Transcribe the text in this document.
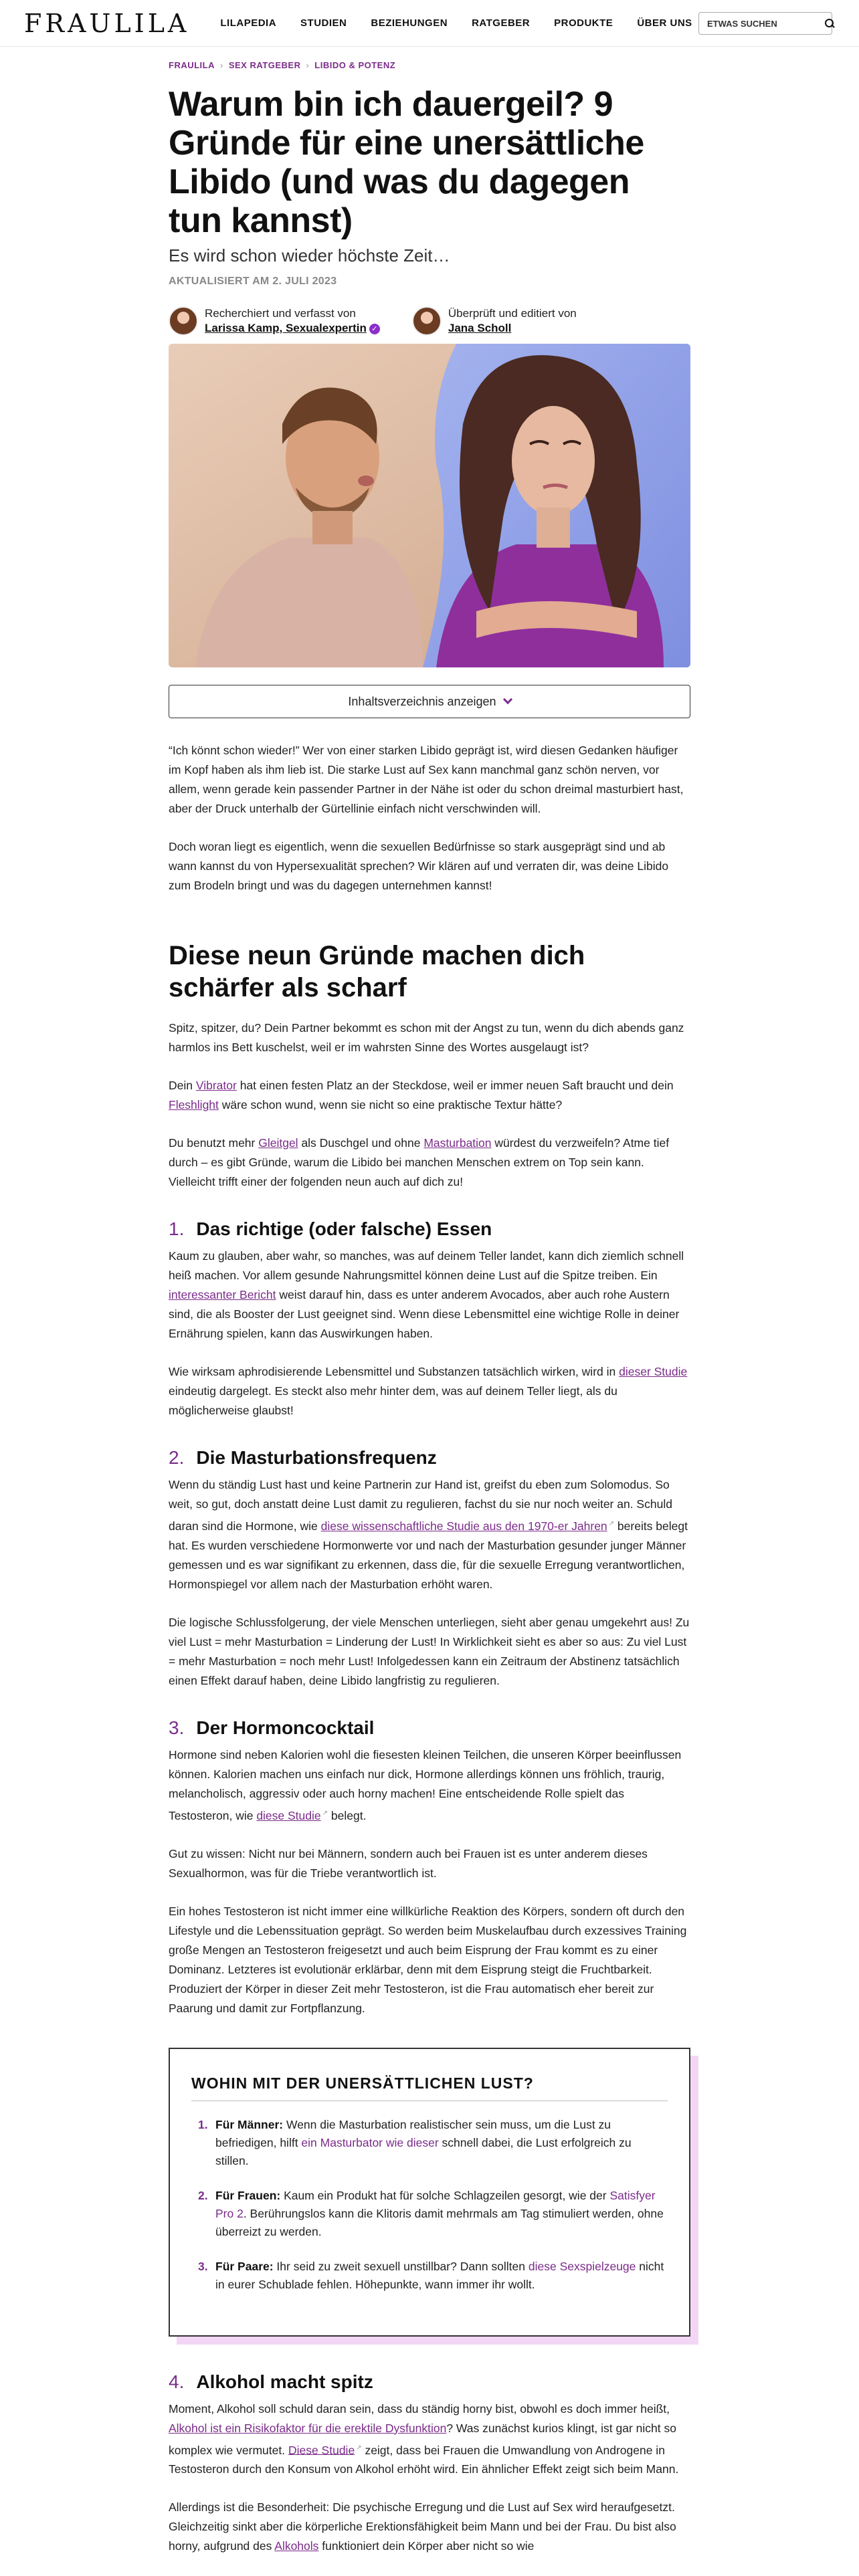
FRAULILA	LILAPEDIA STUDIEN BEZIEHUNGEN RATGEBER PRODUKTE ÜBER UNS
ETWAS SUCHEN
FRAULILA › SEX RATGEBER › LIBIDO & POTENZ
Warum bin ich dauergeil? 9 Gründe für eine unersättliche Libido (und was du dagegen tun kannst)
Es wird schon wieder höchste Zeit…
AKTUALISIERT AM 2. JULI 2023
Recherchiert und verfasst von
Larissa Kamp, Sexualexpertin ✓
Überprüft und editiert von
Jana Scholl
Inhaltsverzeichnis anzeigen

“Ich könnt schon wieder!” Wer von einer starken Libido geprägt ist, wird diesen Gedanken häufiger im Kopf haben als ihm lieb ist. Die starke Lust auf Sex kann manchmal ganz schön nerven, vor allem, wenn gerade kein passender Partner in der Nähe ist oder du schon dreimal masturbiert hast, aber der Druck unterhalb der Gürtellinie einfach nicht verschwinden will.

Doch woran liegt es eigentlich, wenn die sexuellen Bedürfnisse so stark ausgeprägt sind und ab wann kannst du von Hypersexualität sprechen? Wir klären auf und verraten dir, was deine Libido zum Brodeln bringt und was du dagegen unternehmen kannst!

Diese neun Gründe machen dich schärfer als scharf

Spitz, spitzer, du? Dein Partner bekommt es schon mit der Angst zu tun, wenn du dich abends ganz harmlos ins Bett kuschelst, weil er im wahrsten Sinne des Wortes ausgelaugt ist?

Dein Vibrator hat einen festen Platz an der Steckdose, weil er immer neuen Saft braucht und dein Fleshlight wäre schon wund, wenn sie nicht so eine praktische Textur hätte?

Du benutzt mehr Gleitgel als Duschgel und ohne Masturbation würdest du verzweifeln? Atme tief durch – es gibt Gründe, warum die Libido bei manchen Menschen extrem on Top sein kann. Vielleicht trifft einer der folgenden neun auch auf dich zu!

1. Das richtige (oder falsche) Essen

Kaum zu glauben, aber wahr, so manches, was auf deinem Teller landet, kann dich ziemlich schnell heiß machen. Vor allem gesunde Nahrungsmittel können deine Lust auf die Spitze treiben. Ein interessanter Bericht weist darauf hin, dass es unter anderem Avocados, aber auch rohe Austern sind, die als Booster der Lust geeignet sind. Wenn diese Lebensmittel eine wichtige Rolle in deiner Ernährung spielen, kann das Auswirkungen haben.

Wie wirksam aphrodisierende Lebensmittel und Substanzen tatsächlich wirken, wird in dieser Studie eindeutig dargelegt. Es steckt also mehr hinter dem, was auf deinem Teller liegt, als du möglicherweise glaubst!

2. Die Masturbationsfrequenz

Wenn du ständig Lust hast und keine Partnerin zur Hand ist, greifst du eben zum Solomodus. So weit, so gut, doch anstatt deine Lust damit zu regulieren, fachst du sie nur noch weiter an. Schuld daran sind die Hormone, wie diese wissenschaftliche Studie aus den 1970-er Jahren ↗ bereits belegt hat. Es wurden verschiedene Hormonwerte vor und nach der Masturbation gesunder junger Männer gemessen und es war signifikant zu erkennen, dass die, für die sexuelle Erregung verantwortlichen, Hormonspiegel vor allem nach der Masturbation erhöht waren.

Die logische Schlussfolgerung, der viele Menschen unterliegen, sieht aber genau umgekehrt aus! Zu viel Lust = mehr Masturbation = Linderung der Lust! In Wirklichkeit sieht es aber so aus: Zu viel Lust = mehr Masturbation = noch mehr Lust! Infolgedessen kann ein Zeitraum der Abstinenz tatsächlich einen Effekt darauf haben, deine Libido langfristig zu regulieren.

3. Der Hormoncocktail

Hormone sind neben Kalorien wohl die fiesesten kleinen Teilchen, die unseren Körper beeinflussen können. Kalorien machen uns einfach nur dick, Hormone allerdings können uns fröhlich, traurig, melancholisch, aggressiv oder auch horny machen! Eine entscheidende Rolle spielt das Testosteron, wie diese Studie ↗ belegt.

Gut zu wissen: Nicht nur bei Männern, sondern auch bei Frauen ist es unter anderem dieses Sexualhormon, was für die Triebe verantwortlich ist.

Ein hohes Testosteron ist nicht immer eine willkürliche Reaktion des Körpers, sondern oft durch den Lifestyle und die Lebenssituation geprägt. So werden beim Muskelaufbau durch exzessives Training große Mengen an Testosteron freigesetzt und auch beim Eisprung der Frau kommt es zu einer Dominanz. Letzteres ist evolutionär erklärbar, denn mit dem Eisprung steigt die Fruchtbarkeit. Produziert der Körper in dieser Zeit mehr Testosteron, ist die Frau automatisch eher bereit zur Paarung und damit zur Fortpflanzung.

WOHIN MIT DER UNERSÄTTLICHEN LUST?
1. Für Männer: Wenn die Masturbation realistischer sein muss, um die Lust zu befriedigen, hilft ein Masturbator wie dieser schnell dabei, die Lust erfolgreich zu stillen.
2. Für Frauen: Kaum ein Produkt hat für solche Schlagzeilen gesorgt, wie der Satisfyer Pro 2. Berührungslos kann die Klitoris damit mehrmals am Tag stimuliert werden, ohne überreizt zu werden.
3. Für Paare: Ihr seid zu zweit sexuell unstillbar? Dann sollten diese Sexspielzeuge nicht in eurer Schublade fehlen. Höhepunkte, wann immer ihr wollt.
4. Alkohol macht spitz

Moment, Alkohol soll schuld daran sein, dass du ständig horny bist, obwohl es doch immer heißt, Alkohol ist ein Risikofaktor für die erektile Dysfunktion? Was zunächst kurios klingt, ist gar nicht so komplex wie vermutet. Diese Studie ↗ zeigt, dass bei Frauen die Umwandlung von Androgene in Testosteron durch den Konsum von Alkohol erhöht wird. Ein ähnlicher Effekt zeigt sich beim Mann.

Allerdings ist die Besonderheit: Die psychische Erregung und die Lust auf Sex wird heraufgesetzt. Gleichzeitig sinkt aber die körperliche Erektionsfähigkeit beim Mann und bei der Frau. Du bist also horny, aufgrund des Alkohols funktioniert dein Körper aber nicht so wie
